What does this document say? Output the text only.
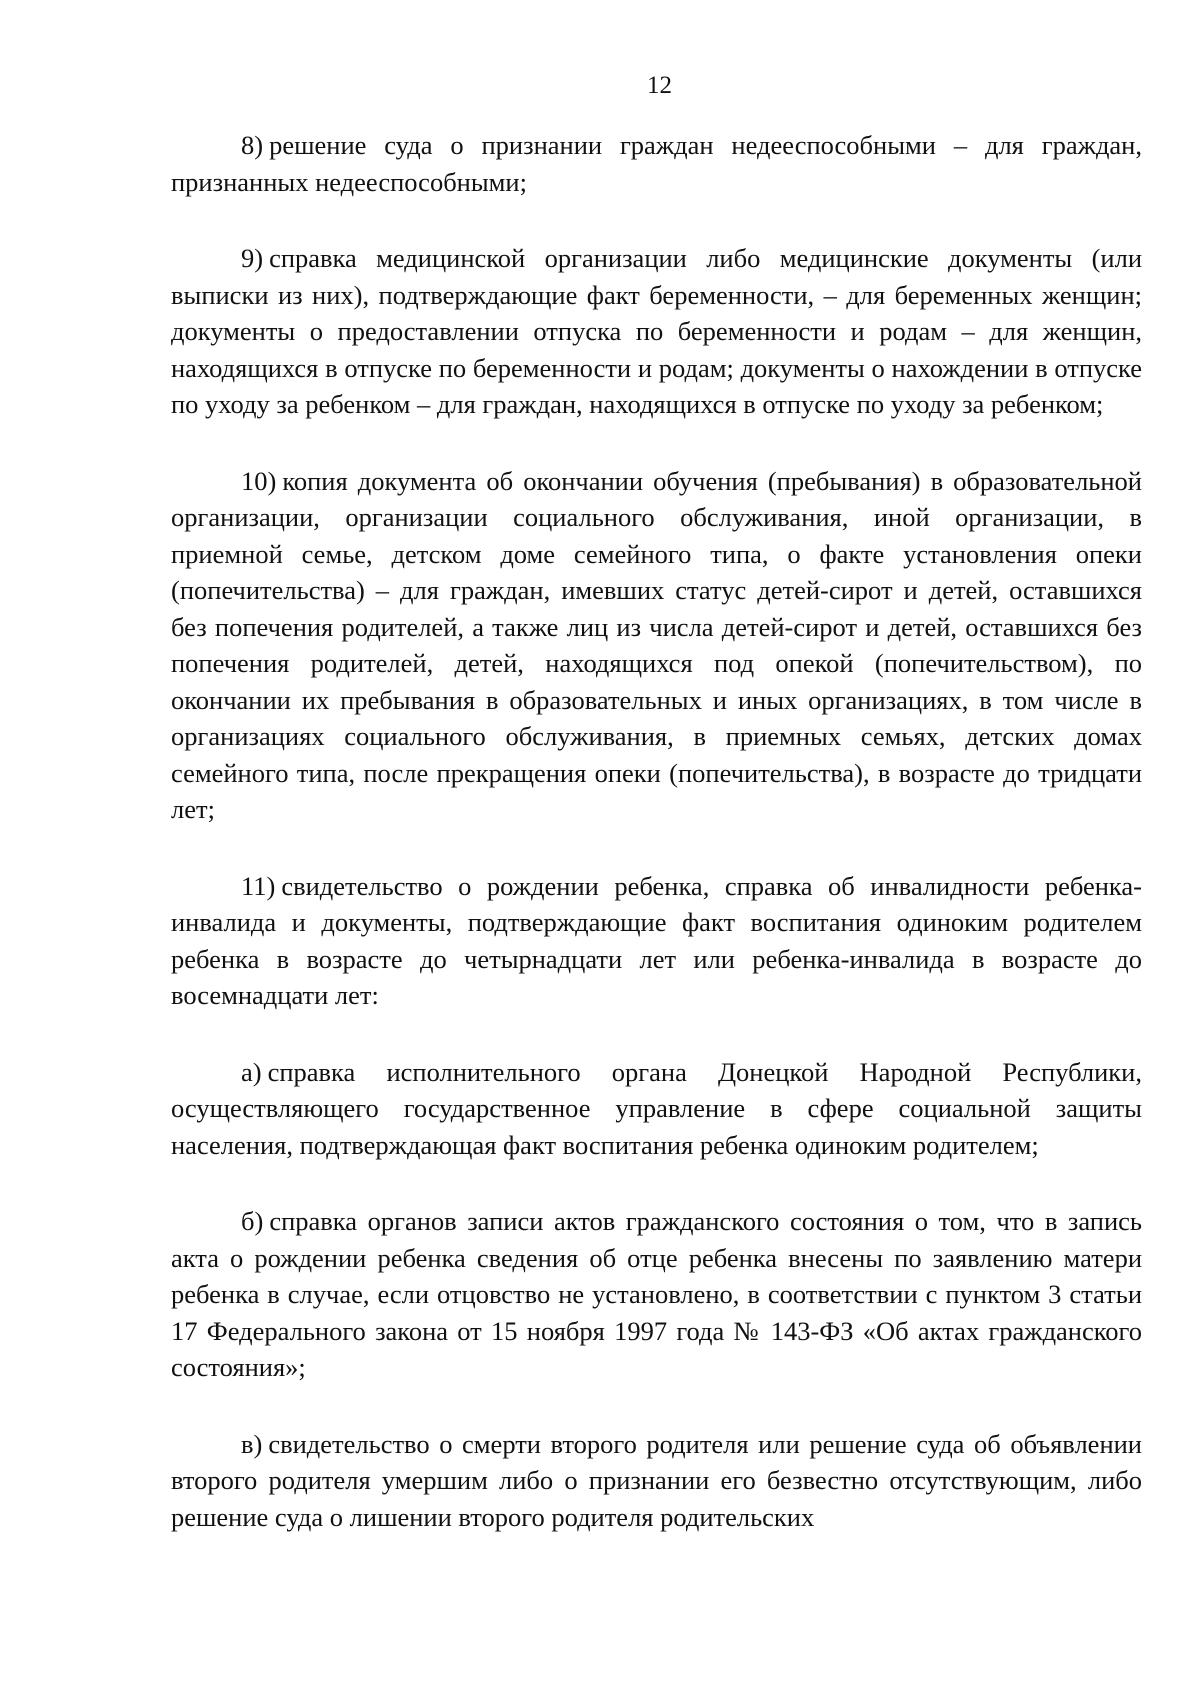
12

8) решение суда о признании граждан недееспособными – для граждан, признанных недееспособными;

9) справка медицинской организации либо медицинские документы (или выписки из них), подтверждающие факт беременности, – для беременных женщин; документы о предоставлении отпуска по беременности и родам – для женщин, находящихся в отпуске по беременности и родам; документы о нахождении в отпуске по уходу за ребенком – для граждан, находящихся в отпуске по уходу за ребенком;

10) копия документа об окончании обучения (пребывания) в образовательной организации, организации социального обслуживания, иной организации, в приемной семье, детском доме семейного типа, о факте установления опеки (попечительства) – для граждан, имевших статус детей-сирот и детей, оставшихся без попечения родителей, а также лиц из числа детей-сирот и детей, оставшихся без попечения родителей, детей, находящихся под опекой (попечительством), по окончании их пребывания в образовательных и иных организациях, в том числе в организациях социального обслуживания, в приемных семьях, детских домах семейного типа, после прекращения опеки (попечительства), в возрасте до тридцати лет;

11) свидетельство о рождении ребенка, справка об инвалидности ребенка-инвалида и документы, подтверждающие факт воспитания одиноким родителем ребенка в возрасте до четырнадцати лет или ребенка-инвалида в возрасте до восемнадцати лет:

а) справка исполнительного органа Донецкой Народной Республики, осуществляющего государственное управление в сфере социальной защиты населения, подтверждающая факт воспитания ребенка одиноким родителем;

б) справка органов записи актов гражданского состояния о том, что в запись акта о рождении ребенка сведения об отце ребенка внесены по заявлению матери ребенка в случае, если отцовство не установлено, в соответствии с пунктом 3 статьи 17 Федерального закона от 15 ноября 1997 года № 143-ФЗ «Об актах гражданского состояния»;

в) свидетельство о смерти второго родителя или решение суда об объявлении второго родителя умершим либо о признании его безвестно отсутствующим, либо решение суда о лишении второго родителя родительских
